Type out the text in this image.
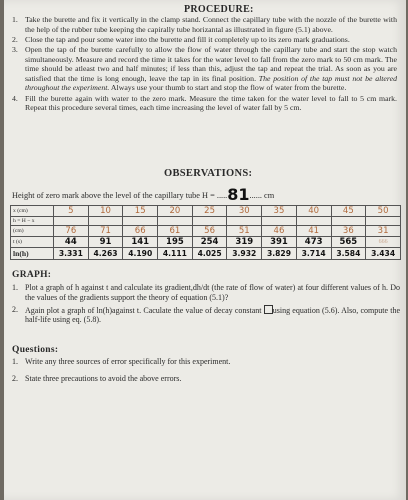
PROCEDURE:
1. Take the burette and fix it vertically in the clamp stand. Connect the capillary tube with the nozzle of the burette with the help of the rubber tube keeping the capirally tube horizantal as illustrated in figure (5.1) above.
2. Close the tap and pour some water into the burette and fill it completely up to its zero mark graduations.
3. Open the tap of the burette carefully to allow the flow of water through the capillary tube and start the stop watch simultaneously. Measure and record the time it takes for the water level to fall from the zero mark to 50 cm mark. The time should be atleast two and half minutes; if less than this, adjust the tap and repeat the trial. As soon as you are satisfied that the time is long enough, leave the tap in its final position. The position of the tap must not be altered throughout the experiment. Always use your thumb to start and stop the flow of water from the burette.
4. Fill the burette again with water to the zero mark. Measure the time taken for the water level to fall to 5 cm mark. Repeat this procedure several times, each time increasing the level of water fall by 5 cm.
OBSERVATIONS:
Height of zero mark above the level of the capillary tube H = .....81...... cm
x (cm)	5	10	15	20	25	30	35	40	45	50
h = H − x										
(cm)	76	71	66	61	56	51	46	41	36	31
t (s)	44	91	141	195	254	319	391	473	565	666
ln(h)	3.331	4.263	4.190	4.111	4.025	3.932	3.829	3.714	3.584	3.434
GRAPH:
1. Plot a graph of h against t and calculate its gradient,dh/dt (the rate of flow of water) at four different values of h. Do the values of the gradients support the theory of equation (5.1)?
2. Again plot a graph of ln(h)against t. Caculate the value of decay constant using equation (5.6). Also, compute the half-life using eq. (5.8).
Questions:
1. Write any three sources of error specifically for this experiment.
2. State three precautions to avoid the above errors.
